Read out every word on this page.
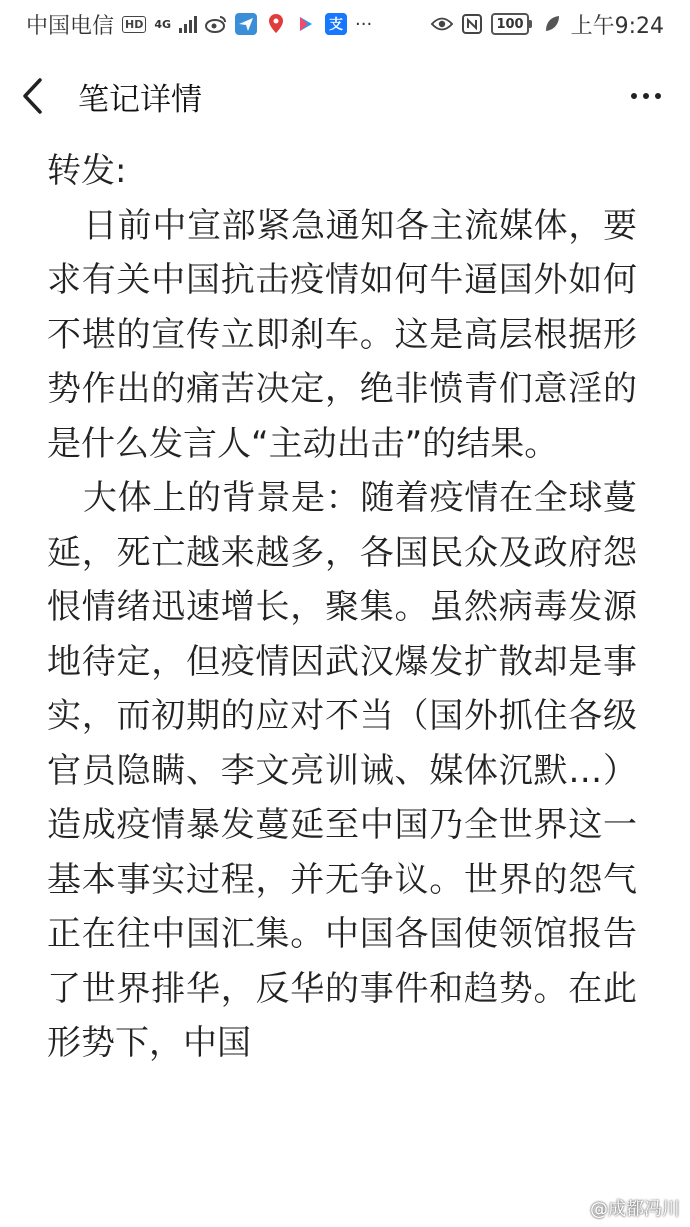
中国电信 HD 4G	支 ···	100 上午9:24
笔记详情

转发:

日前中宣部紧急通知各主流媒体，要求有关中国抗击疫情如何牛逼国外如何不堪的宣传立即刹车。这是高层根据形势作出的痛苦决定，绝非愤青们意淫的是什么发言人“主动出击”的结果。

大体上的背景是：随着疫情在全球蔓延，死亡越来越多，各国民众及政府怨恨情绪迅速增长，聚集。虽然病毒发源地待定，但疫情因武汉爆发扩散却是事实，而初期的应对不当（国外抓住各级官员隐瞒、李文亮训诫、媒体沉默…）造成疫情暴发蔓延至中国乃全世界这一基本事实过程，并无争议。世界的怨气正在往中国汇集。中国各国使领馆报告了世界排华，反华的事件和趋势。在此形势下，中国

@成都冯川
